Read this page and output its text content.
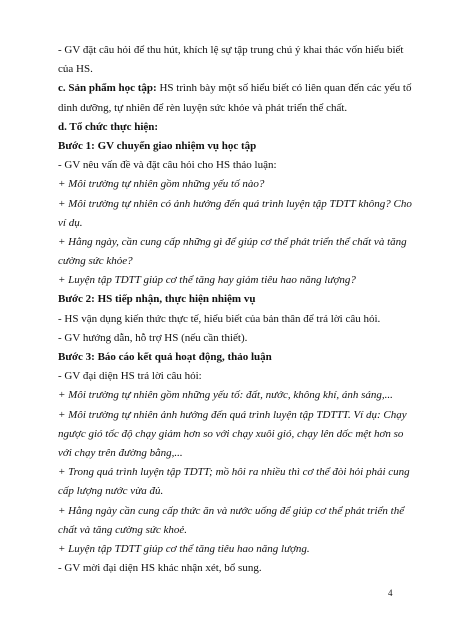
- GV đặt câu hỏi để thu hút, khích lệ sự tập trung chú ý khai thác vốn hiểu biết
của HS.
c. Sản phẩm học tập: HS trình bày một số hiểu biết có liên quan đến các yếu tố
dinh dưỡng, tự nhiên để rèn luyện sức khỏe và phát triển thể chất.
d. Tổ chức thực hiện:
Bước 1: GV chuyển giao nhiệm vụ học tập
- GV nêu vấn đề và đặt câu hỏi cho HS thảo luận:
+ Môi trường tự nhiên gồm những yếu tố nào?
+ Môi trường tự nhiên có ảnh hưởng đến quá trình luyện tập TDTT không? Cho
ví dụ.
+ Hằng ngày, cần cung cấp những gì để giúp cơ thể phát triển thể chất và tăng
cường sức khỏe?
+ Luyện tập TDTT giúp cơ thể tăng hay giảm tiêu hao năng lượng?
Bước 2: HS tiếp nhận, thực hiện nhiệm vụ
- HS vận dụng kiến thức thực tế, hiểu biết của bản thân để trả lời câu hỏi.
- GV hướng dẫn, hỗ trợ HS (nếu cần thiết).
Bước 3: Báo cáo kết quả hoạt động, thảo luận
- GV đại diện HS trả lời câu hỏi:
+ Môi trường tự nhiên gồm những yếu tố: đất, nước, không khí, ánh sáng,...
+ Môi trường tự nhiên ảnh hưởng đến quá trình luyện tập TDTTT. Ví dụ: Chạy
ngược gió tốc độ chạy giảm hơn so với chạy xuôi gió, chạy lên dốc mệt hơn so
với chạy trên đường bằng,...
+ Trong quá trình luyện tập TDTT; mồ hôi ra nhiều thì cơ thể đòi hỏi phải cung
cấp lượng nước vừa đủ.
+ Hằng ngày cần cung cấp thức ăn và nước uống để giúp cơ thể phát triển thể
chất và tăng cường sức khoẻ.
+ Luyện tập TDTT giúp cơ thể tăng tiêu hao năng lượng.
- GV mời đại diện HS khác nhận xét, bổ sung.
4
